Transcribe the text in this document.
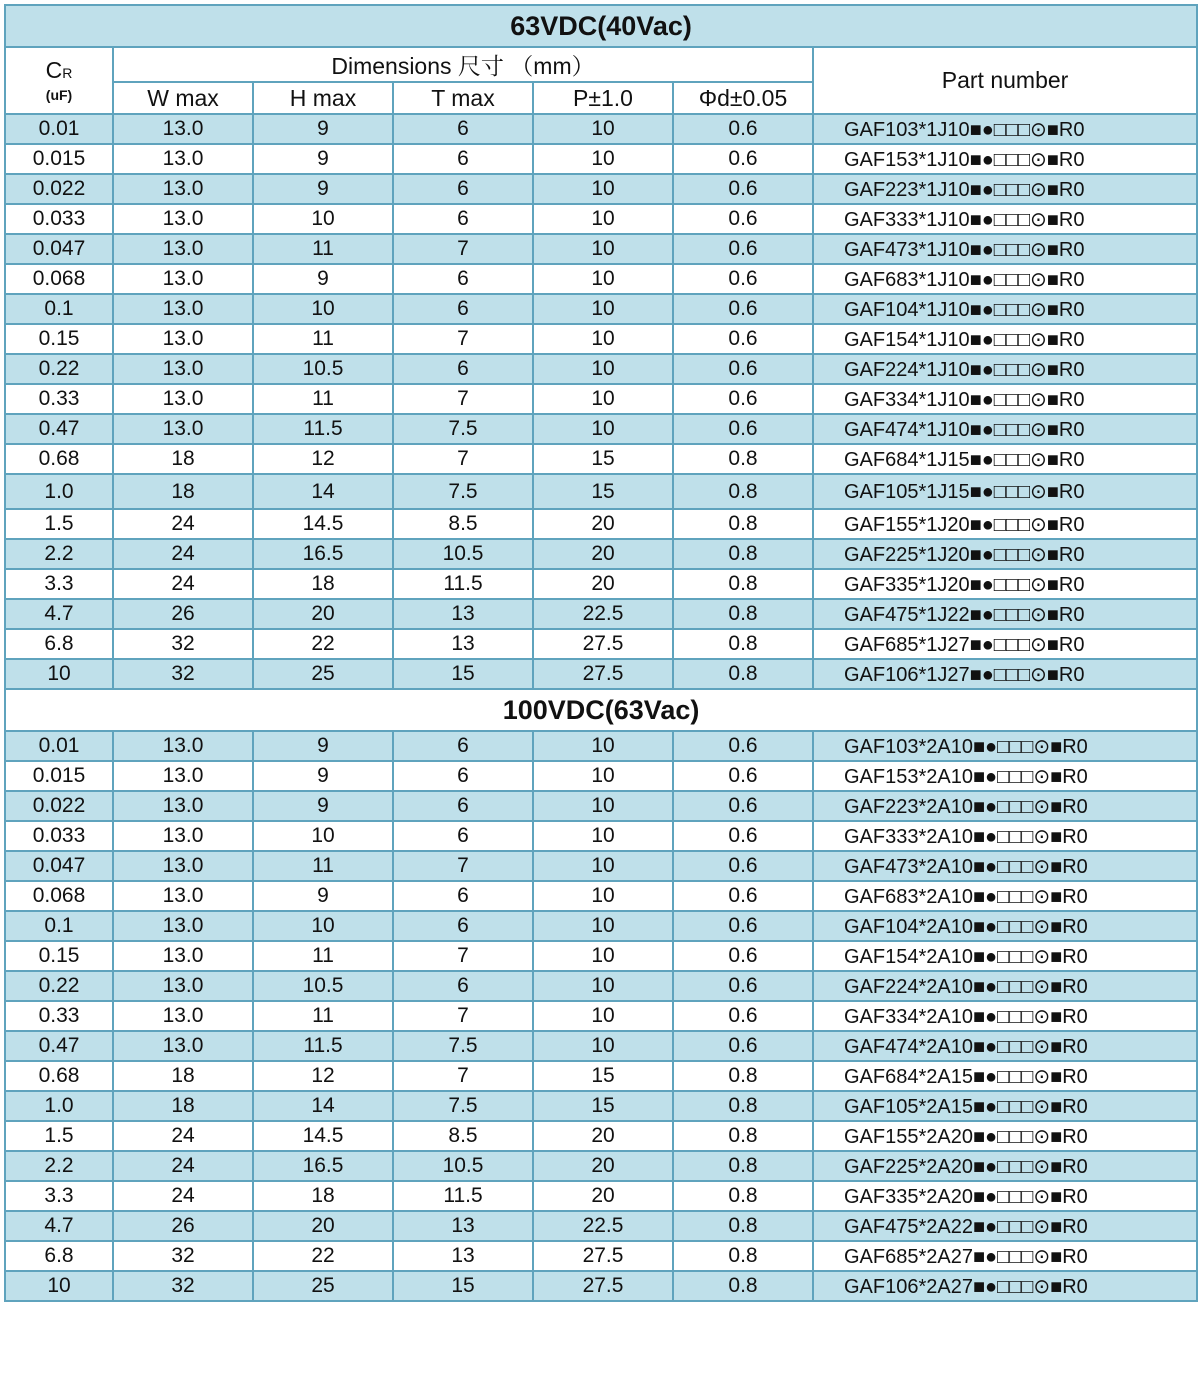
63VDC(40Vac)						

CR
(uF)	Dimensions 尺寸 （mm）					Part number
	W max	H max	T max	P±1.0	Φd±0.05	
0.01	13.0	9	6	10	0.6	GAF103*1J10■●□□□⊙■R0
0.015	13.0	9	6	10	0.6	GAF153*1J10■●□□□⊙■R0
0.022	13.0	9	6	10	0.6	GAF223*1J10■●□□□⊙■R0
0.033	13.0	10	6	10	0.6	GAF333*1J10■●□□□⊙■R0
0.047	13.0	11	7	10	0.6	GAF473*1J10■●□□□⊙■R0
0.068	13.0	9	6	10	0.6	GAF683*1J10■●□□□⊙■R0
0.1	13.0	10	6	10	0.6	GAF104*1J10■●□□□⊙■R0
0.15	13.0	11	7	10	0.6	GAF154*1J10■●□□□⊙■R0
0.22	13.0	10.5	6	10	0.6	GAF224*1J10■●□□□⊙■R0
0.33	13.0	11	7	10	0.6	GAF334*1J10■●□□□⊙■R0
0.47	13.0	11.5	7.5	10	0.6	GAF474*1J10■●□□□⊙■R0
0.68	18	12	7	15	0.8	GAF684*1J15■●□□□⊙■R0
1.0	18	14	7.5	15	0.8	GAF105*1J15■●□□□⊙■R0
1.5	24	14.5	8.5	20	0.8	GAF155*1J20■●□□□⊙■R0
2.2	24	16.5	10.5	20	0.8	GAF225*1J20■●□□□⊙■R0
3.3	24	18	11.5	20	0.8	GAF335*1J20■●□□□⊙■R0
4.7	26	20	13	22.5	0.8	GAF475*1J22■●□□□⊙■R0
6.8	32	22	13	27.5	0.8	GAF685*1J27■●□□□⊙■R0
10	32	25	15	27.5	0.8	GAF106*1J27■●□□□⊙■R0
100VDC(63Vac)						
0.01	13.0	9	6	10	0.6	GAF103*2A10■●□□□⊙■R0
0.015	13.0	9	6	10	0.6	GAF153*2A10■●□□□⊙■R0
0.022	13.0	9	6	10	0.6	GAF223*2A10■●□□□⊙■R0
0.033	13.0	10	6	10	0.6	GAF333*2A10■●□□□⊙■R0
0.047	13.0	11	7	10	0.6	GAF473*2A10■●□□□⊙■R0
0.068	13.0	9	6	10	0.6	GAF683*2A10■●□□□⊙■R0
0.1	13.0	10	6	10	0.6	GAF104*2A10■●□□□⊙■R0
0.15	13.0	11	7	10	0.6	GAF154*2A10■●□□□⊙■R0
0.22	13.0	10.5	6	10	0.6	GAF224*2A10■●□□□⊙■R0
0.33	13.0	11	7	10	0.6	GAF334*2A10■●□□□⊙■R0
0.47	13.0	11.5	7.5	10	0.6	GAF474*2A10■●□□□⊙■R0
0.68	18	12	7	15	0.8	GAF684*2A15■●□□□⊙■R0
1.0	18	14	7.5	15	0.8	GAF105*2A15■●□□□⊙■R0
1.5	24	14.5	8.5	20	0.8	GAF155*2A20■●□□□⊙■R0
2.2	24	16.5	10.5	20	0.8	GAF225*2A20■●□□□⊙■R0
3.3	24	18	11.5	20	0.8	GAF335*2A20■●□□□⊙■R0
4.7	26	20	13	22.5	0.8	GAF475*2A22■●□□□⊙■R0
6.8	32	22	13	27.5	0.8	GAF685*2A27■●□□□⊙■R0
10	32	25	15	27.5	0.8	GAF106*2A27■●□□□⊙■R0
